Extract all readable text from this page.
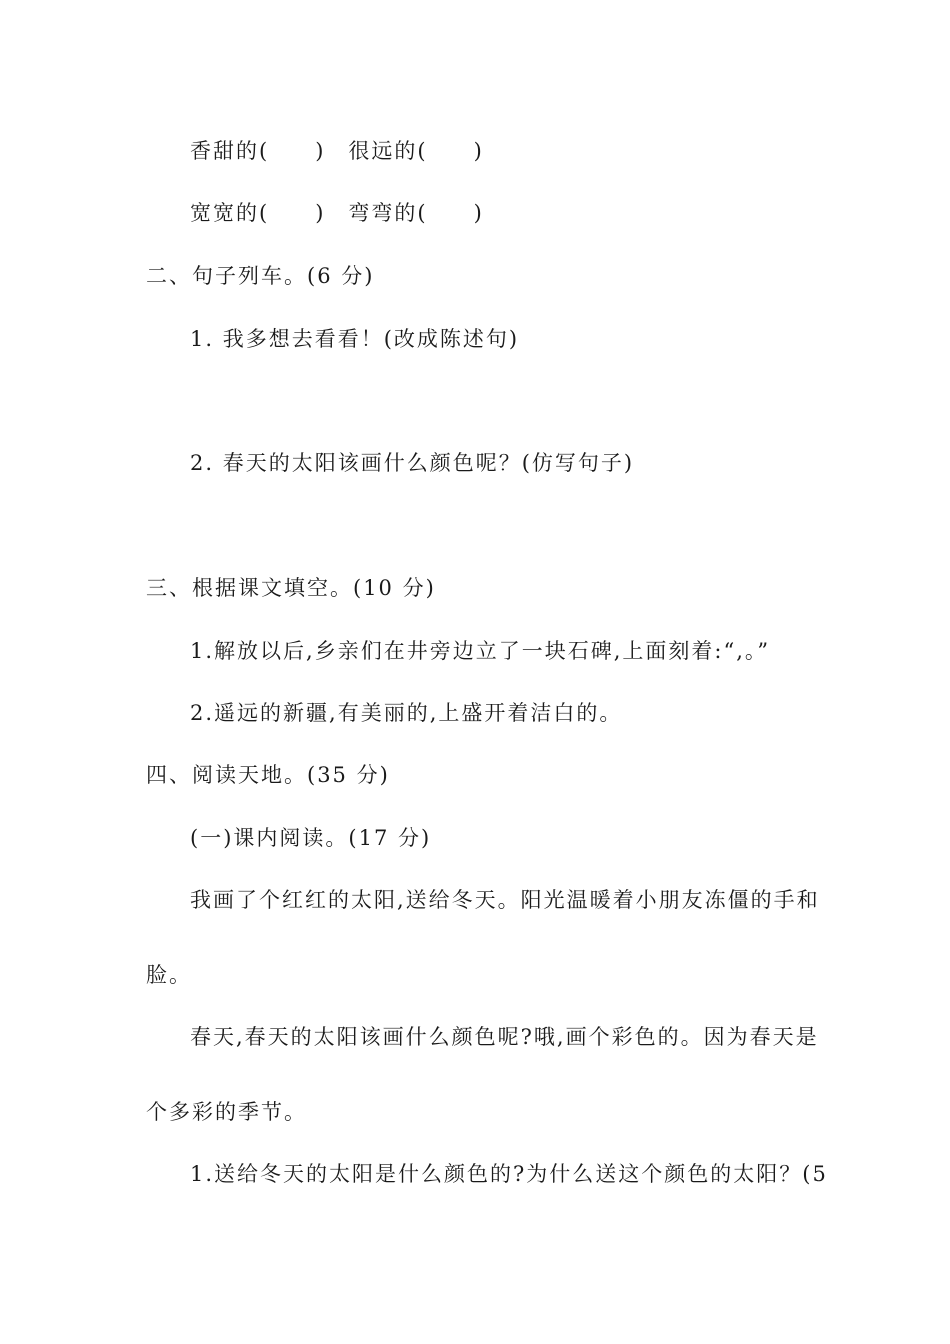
香甜的(　　)　很远的(　　)
宽宽的(　　)　弯弯的(　　)
二、句子列车。(6 分)
1. 我多想去看看！(改成陈述句)
2. 春天的太阳该画什么颜色呢？(仿写句子)
三、根据课文填空。(10 分)
1.解放以后,乡亲们在井旁边立了一块石碑,上面刻着:“,。”
2.遥远的新疆,有美丽的,上盛开着洁白的。
四、阅读天地。(35 分)
(一)课内阅读。(17 分)
我画了个红红的太阳,送给冬天。阳光温暖着小朋友冻僵的手和
脸。
春天,春天的太阳该画什么颜色呢?哦,画个彩色的。因为春天是
个多彩的季节。
1.送给冬天的太阳是什么颜色的?为什么送这个颜色的太阳？(5
